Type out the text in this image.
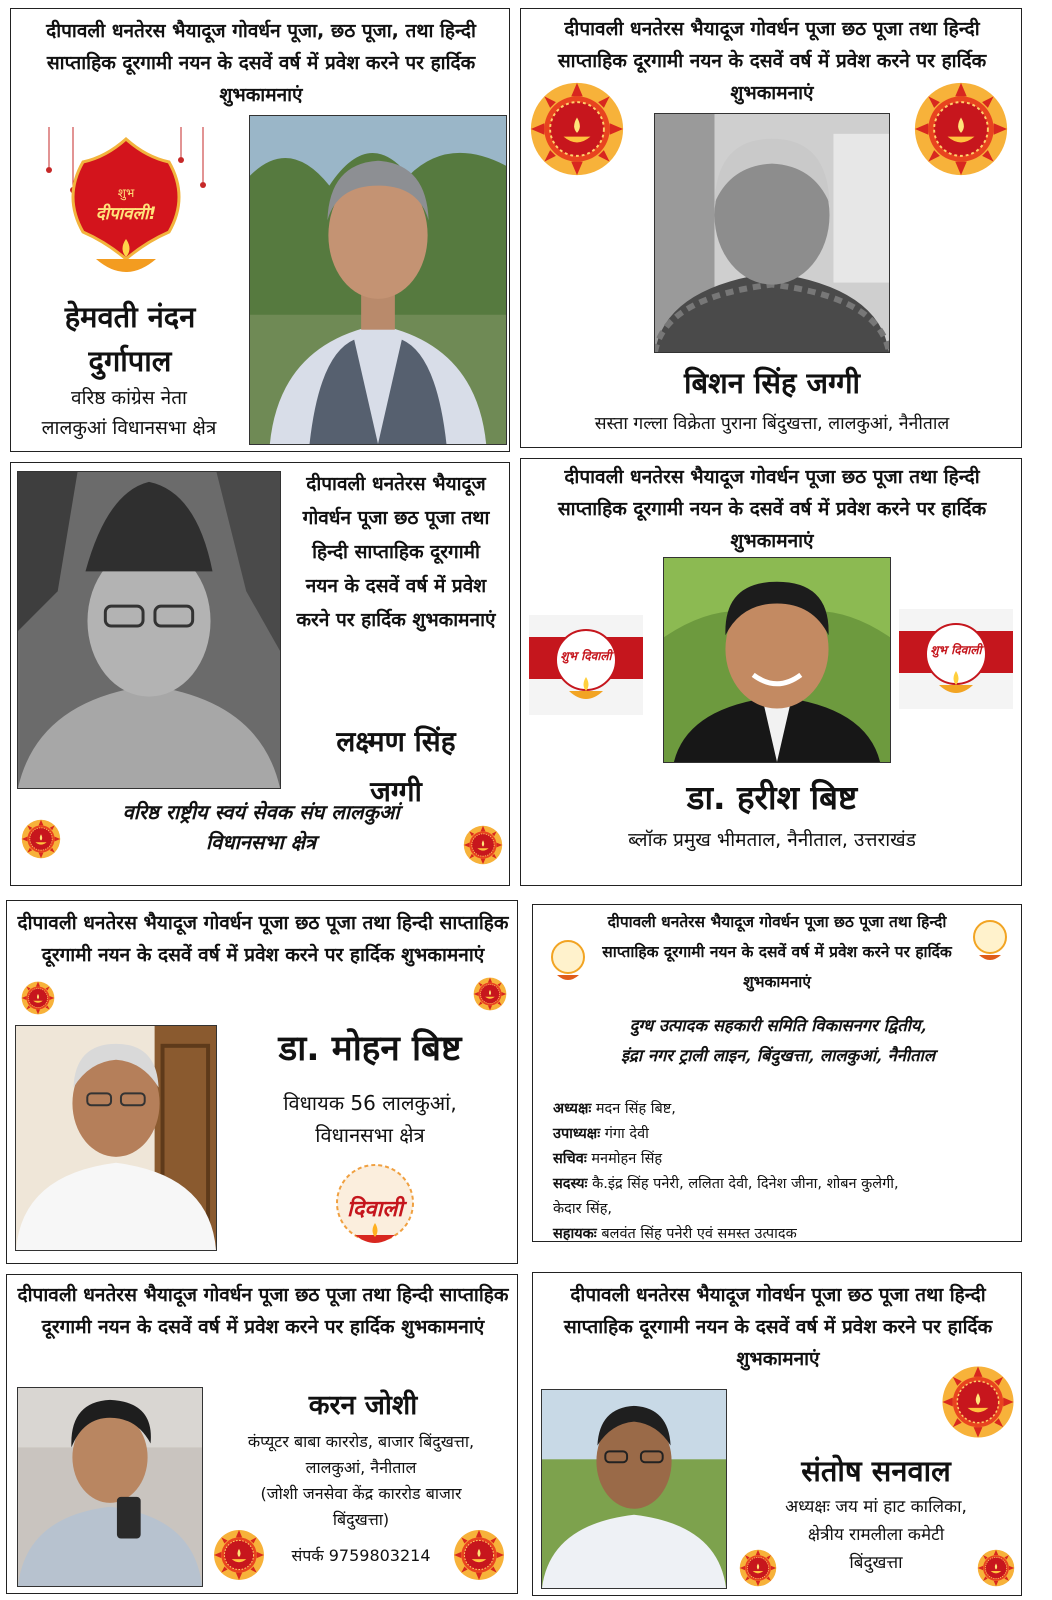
दीपावली धनतेरस भैयादूज गोवर्धन पूजा, छठ पूजा, तथा हिन्दी साप्ताहिक दूरगामी नयन के दसवें वर्ष में प्रवेश करने पर हार्दिक शुभकामनाएं
शुभ
दीपावली!
हेमवती नंदन
दुर्गापाल
वरिष्ठ कांग्रेस नेता
लालकुआं विधानसभा क्षेत्र
दीपावली धनतेरस भैयादूज गोवर्धन पूजा छठ पूजा तथा हिन्दी साप्ताहिक दूरगामी नयन के दसवें वर्ष में प्रवेश करने पर हार्दिक शुभकामनाएं
बिशन सिंह जग्गी
सस्ता गल्ला विक्रेता पुराना बिंदुखत्ता, लालकुआं, नैनीताल
दीपावली धनतेरस भैयादूज गोवर्धन पूजा छठ पूजा तथा हिन्दी साप्ताहिक दूरगामी नयन के दसवें वर्ष में प्रवेश करने पर हार्दिक शुभकामनाएं
लक्ष्मण सिंह
जग्गी
वरिष्ठ राष्ट्रीय स्वयं सेवक संघ लालकुआं
विधानसभा क्षेत्र
दीपावली धनतेरस भैयादूज गोवर्धन पूजा छठ पूजा तथा हिन्दी साप्ताहिक दूरगामी नयन के दसवें वर्ष में प्रवेश करने पर हार्दिक शुभकामनाएं
शुभ दिवाली	शुभ दिवाली
डा. हरीश बिष्ट
ब्लॉक प्रमुख भीमताल, नैनीताल, उत्तराखंड
दीपावली धनतेरस भैयादूज गोवर्धन पूजा छठ पूजा तथा हिन्दी साप्ताहिक दूरगामी नयन के दसवें वर्ष में प्रवेश करने पर हार्दिक शुभकामनाएं
डा. मोहन बिष्ट
विधायक 56 लालकुआं,
विधानसभा क्षेत्र
दिवाली
दीपावली धनतेरस भैयादूज गोवर्धन पूजा छठ पूजा तथा हिन्दी साप्ताहिक दूरगामी नयन के दसवें वर्ष में प्रवेश करने पर हार्दिक शुभकामनाएं
दुग्ध उत्पादक सहकारी समिति विकासनगर द्वितीय,
इंद्रा नगर ट्राली लाइन, बिंदुखत्ता, लालकुआं, नैनीताल
अध्यक्षः मदन सिंह बिष्ट,
उपाध्यक्षः गंगा देवी
सचिवः मनमोहन सिंह
सदस्यः कै.इंद्र सिंह पनेरी, ललिता देवी, दिनेश जीना, शोबन कुलेगी,
केदार सिंह,
सहायकः बलवंत सिंह पनेरी एवं समस्त उत्पादक
दीपावली धनतेरस भैयादूज गोवर्धन पूजा छठ पूजा तथा हिन्दी साप्ताहिक दूरगामी नयन के दसवें वर्ष में प्रवेश करने पर हार्दिक शुभकामनाएं
करन जोशी
कंप्यूटर बाबा काररोड, बाजार बिंदुखत्ता,
लालकुआं, नैनीताल
(जोशी जनसेवा केंद्र काररोड बाजार
बिंदुखत्ता)
संपर्क 9759803214
दीपावली धनतेरस भैयादूज गोवर्धन पूजा छठ पूजा तथा हिन्दी साप्ताहिक दूरगामी नयन के दसवें वर्ष में प्रवेश करने पर हार्दिक शुभकामनाएं
संतोष सनवाल
अध्यक्षः जय मां हाट कालिका,
क्षेत्रीय रामलीला कमेटी
बिंदुखत्ता
